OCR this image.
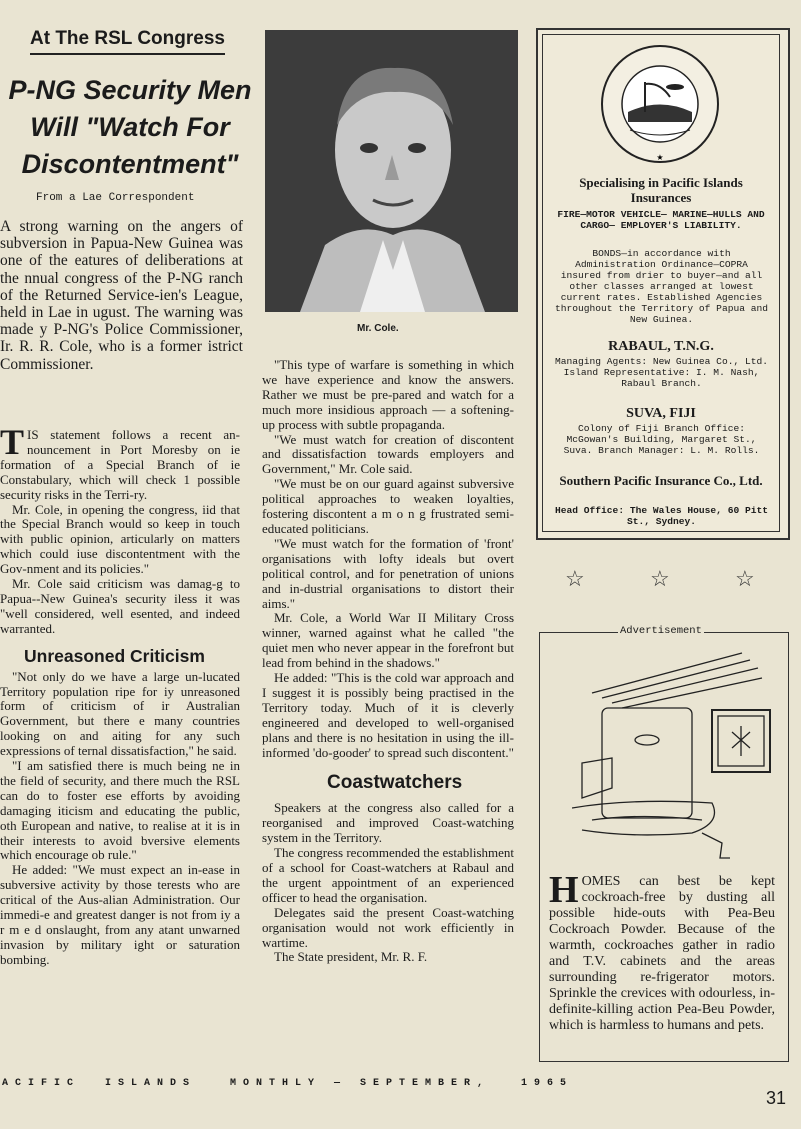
At The RSL Congress
P-NG Security Men Will "Watch For Discontentment"
From a Lae Correspondent
A strong warning on the angers of subversion in Papua-New Guinea was one of the eatures of deliberations at the nnual congress of the P-NG ranch of the Returned Service-ien's League, held in Lae in ugust. The warning was made y P-NG's Police Commissioner, Ir. R. R. Cole, who is a former istrict Commissioner.

TIS statement follows a recent an-nouncement in Port Moresby on ie formation of a Special Branch of ie Constabulary, which will check 1 possible security risks in the Terri-ry.

Mr. Cole, in opening the congress, iid that the Special Branch would so keep in touch with public opinion, articularly on matters which could iuse discontentment with the Gov-nment and its policies."

Mr. Cole said criticism was damag-g to Papua--New Guinea's security iless it was "well considered, well esented, and indeed warranted.

Unreasoned Criticism

"Not only do we have a large un-lucated Territory population ripe for iy unreasoned form of criticism of ir Australian Government, but there e many countries looking on and aiting for any such expressions of ternal dissatisfaction," he said.

"I am satisfied there is much being ne in the field of security, and there much the RSL can do to foster ese efforts by avoiding damaging iticism and educating the public, oth European and native, to realise at it is in their interests to avoid bversive elements which encourage ob rule."

He added: "We must expect an in-ease in subversive activity by those terests who are critical of the Aus-alian Administration. Our immedi-e and greatest danger is not from iy a r m e d onslaught, from any atant unwarned invasion by military ight or saturation bombing.

Mr. Cole.

"This type of warfare is something in which we have experience and know the answers. Rather we must be pre-pared and watch for a much more insidious approach — a softening-up process with subtle propaganda.

"We must watch for creation of discontent and dissatisfaction towards employers and Government," Mr. Cole said.

"We must be on our guard against subversive political approaches to weaken loyalties, fostering discontent a m o n g frustrated semi-educated politicians.

"We must watch for the formation of 'front' organisations with lofty ideals but overt political control, and for penetration of unions and in-dustrial organisations to distort their aims."

Mr. Cole, a World War II Military Cross winner, warned against what he called "the quiet men who never appear in the forefront but lead from behind in the shadows."

He added: "This is the cold war approach and I suggest it is possibly being practised in the Territory today. Much of it is cleverly engineered and developed to well-organised plans and there is no hesitation in using the ill-informed 'do-gooder' to spread such discontent."

Coastwatchers

Speakers at the congress also called for a reorganised and improved Coast-watching system in the Territory.

The congress recommended the establishment of a school for Coast-watchers at Rabaul and the urgent appointment of an experienced officer to head the organisation.

Delegates said the present Coast-watching organisation would not work efficiently in wartime.

The State president, Mr. R. F.

★
Specialising in Pacific Islands Insurances
FIRE—MOTOR VEHICLE— MARINE—HULLS AND CARGO— EMPLOYER'S LIABILITY.
BONDS—in accordance with Administration Ordinance—COPRA insured from drier to buyer—and all other classes arranged at lowest current rates. Established Agencies throughout the Territory of Papua and New Guinea.
RABAUL, T.N.G.
Managing Agents: New Guinea Co., Ltd. Island Representative: I. M. Nash, Rabaul Branch.
SUVA, FIJI
Colony of Fiji Branch Office: McGowan's Building, Margaret St., Suva. Branch Manager: L. M. Rolls.
Southern Pacific Insurance Co., Ltd.
Head Office: The Wales House, 60 Pitt St., Sydney.
☆	☆	☆
Advertisement
HOMES can best be kept cockroach-free by dusting all possible hide-outs with Pea-Beu Cockroach Powder. Because of the warmth, cockroaches gather in radio and T.V. cabinets and the areas surrounding re-frigerator motors. Sprinkle the crevices with odourless, in-definite-killing action Pea-Beu Powder, which is harmless to humans and pets.
ACIFIC ISLANDS	MONTHLY — SEPTEMBER,	1965
31
